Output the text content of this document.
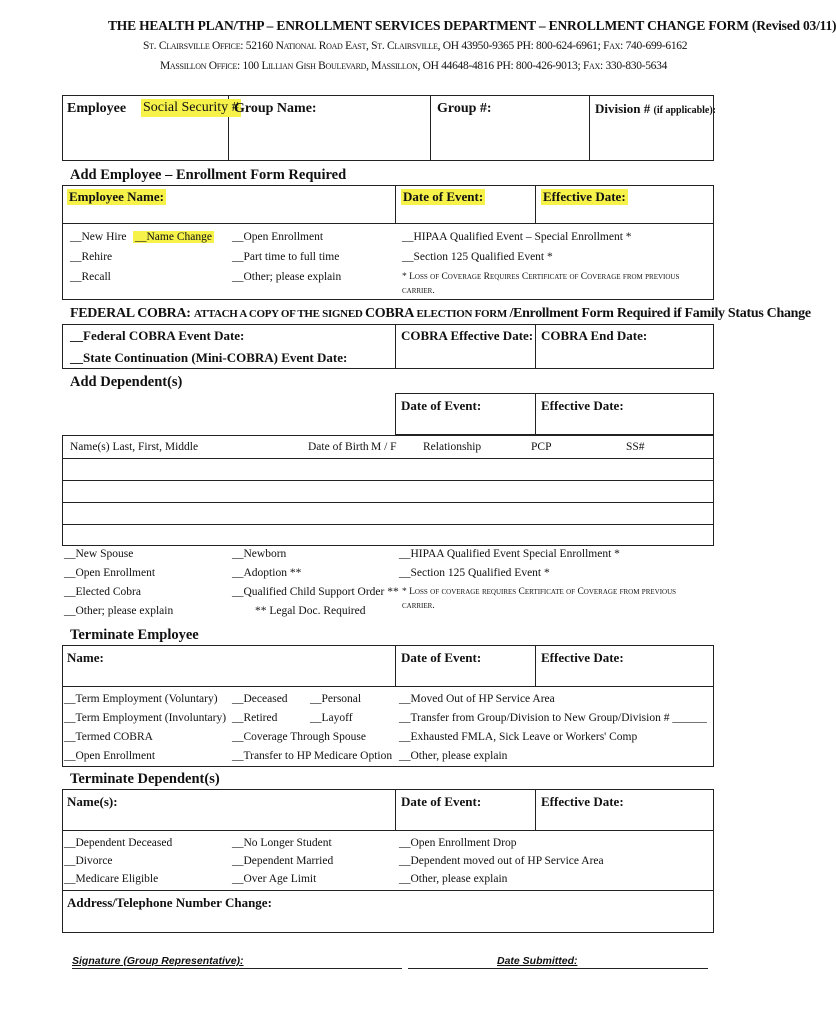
THE HEALTH PLAN/THP – ENROLLMENT SERVICES DEPARTMENT – ENROLLMENT CHANGE FORM (Revised 03/11)
St. Clairsville Office: 52160 National Road East, St. Clairsville, OH 43950-9365 PH: 800-624-6961; Fax: 740-699-6162
Massillon Office: 100 Lillian Gish Boulevard, Massillon, OH 44648-4816 PH: 800-426-9013; Fax: 330-830-5634
Employee Social Security #
Group Name:	Group #:	Division # (if applicable):
Add Employee – Enrollment Form Required
Employee Name:	Date of Event:	Effective Date:
__New Hire __Name Change
__Rehire
__Recall
__Open Enrollment
__Part time to full time
__Other; please explain
__HIPAA Qualified Event – Special Enrollment *
__Section 125 Qualified Event *
* Loss of Coverage Requires Certificate of Coverage from previous carrier.
FEDERAL COBRA: ATTACH A COPY OF THE SIGNED COBRA ELECTION FORM /Enrollment Form Required if Family Status Change
__Federal COBRA Event Date:
__State Continuation (Mini-COBRA) Event Date:
COBRA Effective Date: COBRA End Date:
Add Dependent(s)
Date of Event:	Effective Date:
Name(s) Last, First, Middle	Date of Birth M / F Relationship	PCP	SS#
__New Spouse
__Open Enrollment
__Elected Cobra
__Other; please explain
__Newborn
__Adoption **
__Qualified Child Support Order **
** Legal Doc. Required
__HIPAA Qualified Event Special Enrollment *
__Section 125 Qualified Event *
* Loss of coverage requires Certificate of Coverage from previous carrier.
Terminate Employee
Name:	Date of Event:	Effective Date:
__Term Employment (Voluntary)
__Term Employment (Involuntary)
__Termed COBRA
__Open Enrollment
__Deceased
__Retired
__Coverage Through Spouse
__Transfer to HP Medicare Option
__Personal
__Layoff
__Moved Out of HP Service Area
__Transfer from Group/Division to New Group/Division # ______
__Exhausted FMLA, Sick Leave or Workers' Comp
__Other, please explain
Terminate Dependent(s)
Name(s):	Date of Event:	Effective Date:
__Dependent Deceased
__Divorce
__Medicare Eligible
__No Longer Student
__Dependent Married
__Over Age Limit
__Open Enrollment Drop
__Dependent moved out of HP Service Area
__Other, please explain
Address/Telephone Number Change:
Signature (Group Representative):	Date Submitted:
